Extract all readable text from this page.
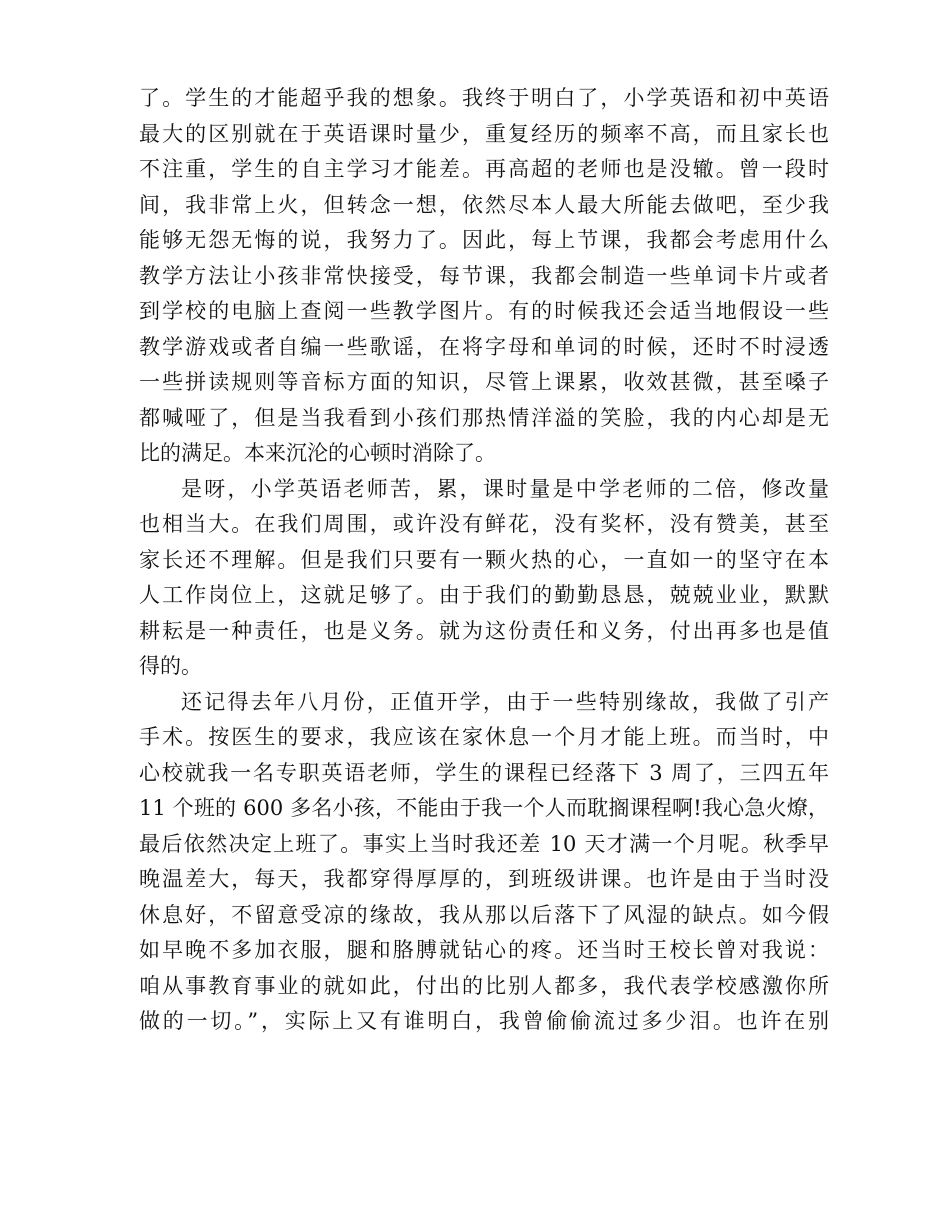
了。学生的才能超乎我的想象。我终于明白了，小学英语和初中英语
最大的区别就在于英语课时量少，重复经历的频率不高，而且家长也
不注重，学生的自主学习才能差。再高超的老师也是没辙。曾一段时
间，我非常上火，但转念一想，依然尽本人最大所能去做吧，至少我
能够无怨无悔的说，我努力了。因此，每上节课，我都会考虑用什么
教学方法让小孩非常快接受，每节课，我都会制造一些单词卡片或者
到学校的电脑上查阅一些教学图片。有的时候我还会适当地假设一些
教学游戏或者自编一些歌谣，在将字母和单词的时候，还时不时浸透
一些拼读规则等音标方面的知识，尽管上课累，收效甚微，甚至嗓子
都喊哑了，但是当我看到小孩们那热情洋溢的笑脸，我的内心却是无
比的满足。本来沉沦的心顿时消除了。
是呀，小学英语老师苦，累，课时量是中学老师的二倍，修改量
也相当大。在我们周围，或许没有鲜花，没有奖杯，没有赞美，甚至
家长还不理解。但是我们只要有一颗火热的心，一直如一的坚守在本
人工作岗位上，这就足够了。由于我们的勤勤恳恳，兢兢业业，默默
耕耘是一种责任，也是义务。就为这份责任和义务，付出再多也是值
得的。
还记得去年八月份，正值开学，由于一些特别缘故，我做了引产
手术。按医生的要求，我应该在家休息一个月才能上班。而当时，中
心校就我一名专职英语老师，学生的课程已经落下 3 周了，三四五年
11 个班的 600 多名小孩，不能由于我一个人而耽搁课程啊!我心急火燎，
最后依然决定上班了。事实上当时我还差 10 天才满一个月呢。秋季早
晚温差大，每天，我都穿得厚厚的，到班级讲课。也许是由于当时没
休息好，不留意受凉的缘故，我从那以后落下了风湿的缺点。如今假
如早晚不多加衣服，腿和胳膊就钻心的疼。还当时王校长曾对我说：
咱从事教育事业的就如此，付出的比别人都多，我代表学校感激你所
做的一切。”，实际上又有谁明白，我曾偷偷流过多少泪。也许在别
